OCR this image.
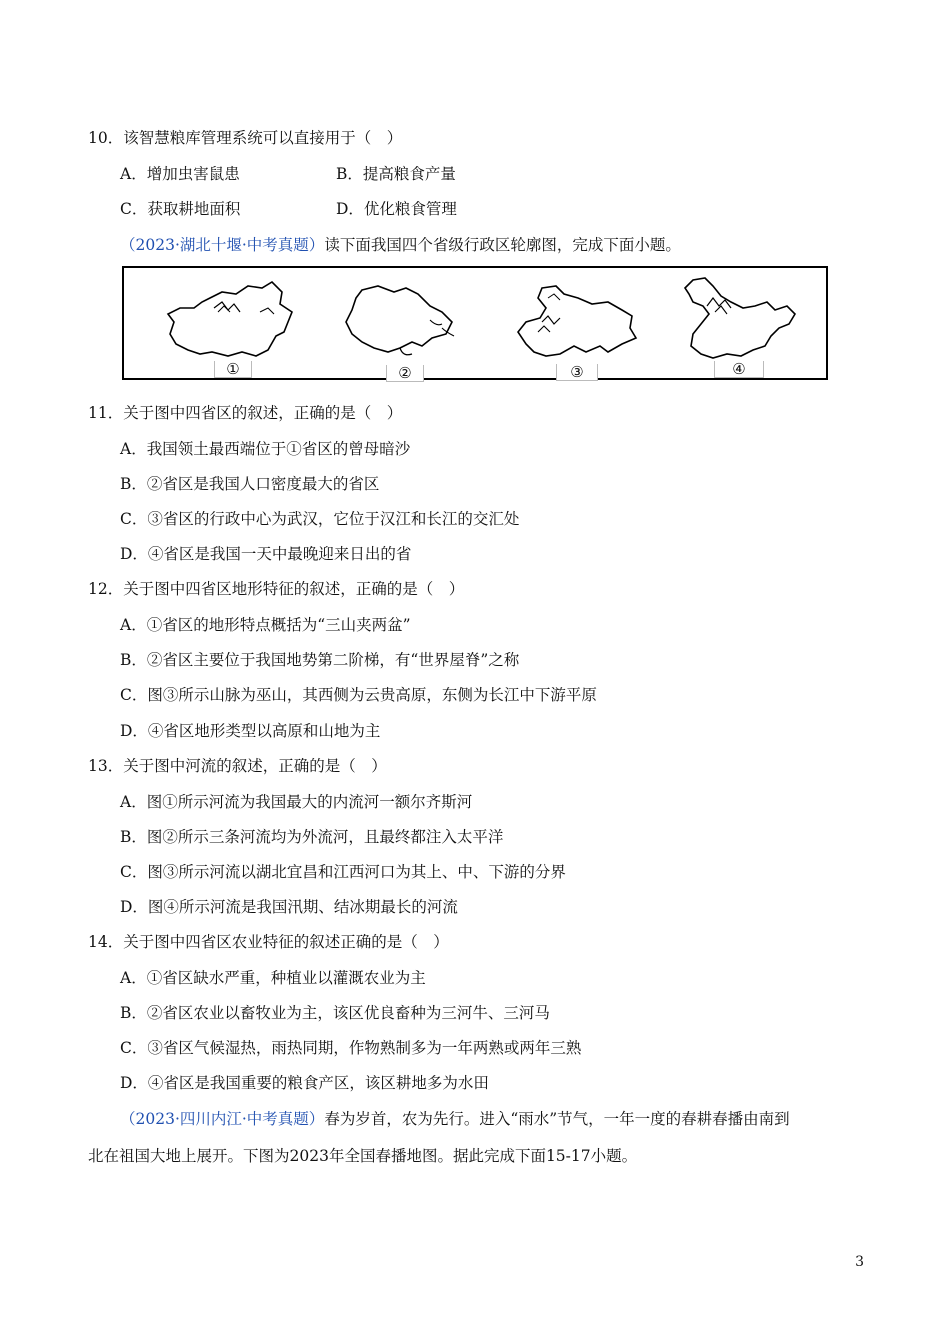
10．该智慧粮库管理系统可以直接用于（　）
A．增加虫害鼠患	B．提高粮食产量
C．获取耕地面积	D．优化粮食管理
（2023·湖北十堰·中考真题）读下面我国四个省级行政区轮廓图，完成下面小题。
①	②	③	④
11．关于图中四省区的叙述，正确的是（　）
A．我国领土最西端位于①省区的曾母暗沙
B．②省区是我国人口密度最大的省区
C．③省区的行政中心为武汉，它位于汉江和长江的交汇处
D．④省区是我国一天中最晚迎来日出的省
12．关于图中四省区地形特征的叙述，正确的是（　）
A．①省区的地形特点概括为“三山夹两盆”
B．②省区主要位于我国地势第二阶梯，有“世界屋脊”之称
C．图③所示山脉为巫山，其西侧为云贵高原，东侧为长江中下游平原
D．④省区地形类型以高原和山地为主
13．关于图中河流的叙述，正确的是（　）
A．图①所示河流为我国最大的内流河一额尔齐斯河
B．图②所示三条河流均为外流河，且最终都注入太平洋
C．图③所示河流以湖北宜昌和江西河口为其上、中、下游的分界
D．图④所示河流是我国汛期、结冰期最长的河流
14．关于图中四省区农业特征的叙述正确的是（　）
A．①省区缺水严重，种植业以灌溉农业为主
B．②省区农业以畜牧业为主，该区优良畜种为三河牛、三河马
C．③省区气候湿热，雨热同期，作物熟制多为一年两熟或两年三熟
D．④省区是我国重要的粮食产区，该区耕地多为水田
（2023·四川内江·中考真题）春为岁首，农为先行。进入“雨水”节气，一年一度的春耕春播由南到
北在祖国大地上展开。下图为2023年全国春播地图。据此完成下面15-17小题。
3
